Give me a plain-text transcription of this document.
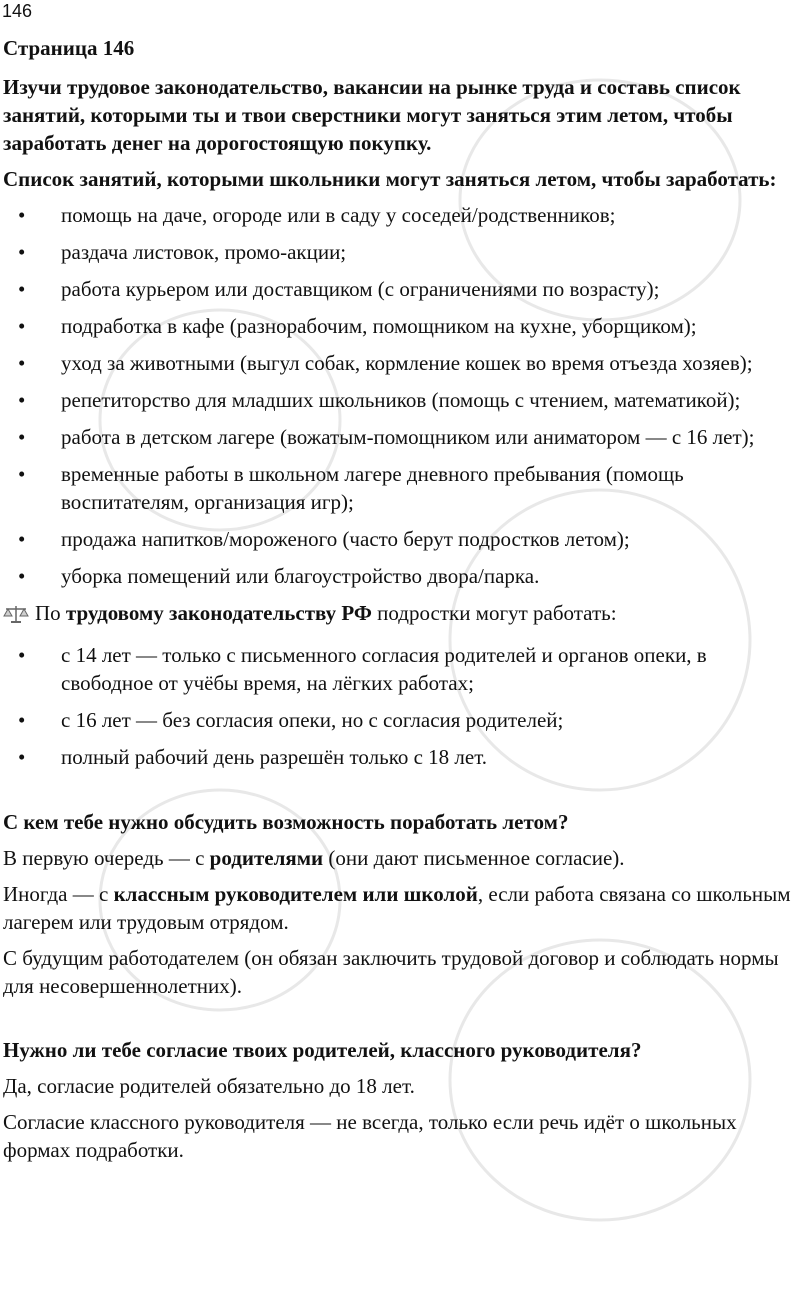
146
Страница 146
Изучи трудовое законодательство, вакансии на рынке труда и составь список занятий, которыми ты и твои сверстники могут заняться этим летом, чтобы заработать денег на дорогостоящую покупку.
Список занятий, которыми школьники могут заняться летом, чтобы заработать:
• помощь на даче, огороде или в саду у соседей/родственников;
• раздача листовок, промо-акции;
• работа курьером или доставщиком (с ограничениями по возрасту);
• подработка в кафе (разнорабочим, помощником на кухне, уборщиком);
• уход за животными (выгул собак, кормление кошек во время отъезда хозяев);
• репетиторство для младших школьников (помощь с чтением, математикой);
• работа в детском лагере (вожатым-помощником или аниматором — с 16 лет);
• временные работы в школьном лагере дневного пребывания (помощь воспитателям, организация игр);
• продажа напитков/мороженого (часто берут подростков летом);
• уборка помещений или благоустройство двора/парка.
По трудовому законодательству РФ подростки могут работать:
• с 14 лет — только с письменного согласия родителей и органов опеки, в свободное от учёбы время, на лёгких работах;
• с 16 лет — без согласия опеки, но с согласия родителей;
• полный рабочий день разрешён только с 18 лет.
С кем тебе нужно обсудить возможность поработать летом?
В первую очередь — с родителями (они дают письменное согласие).
Иногда — с классным руководителем или школой, если работа связана со школьным лагерем или трудовым отрядом.
С будущим работодателем (он обязан заключить трудовой договор и соблюдать нормы для несовершеннолетних).
Нужно ли тебе согласие твоих родителей, классного руководителя?
Да, согласие родителей обязательно до 18 лет.
Согласие классного руководителя — не всегда, только если речь идёт о школьных формах подработки.
